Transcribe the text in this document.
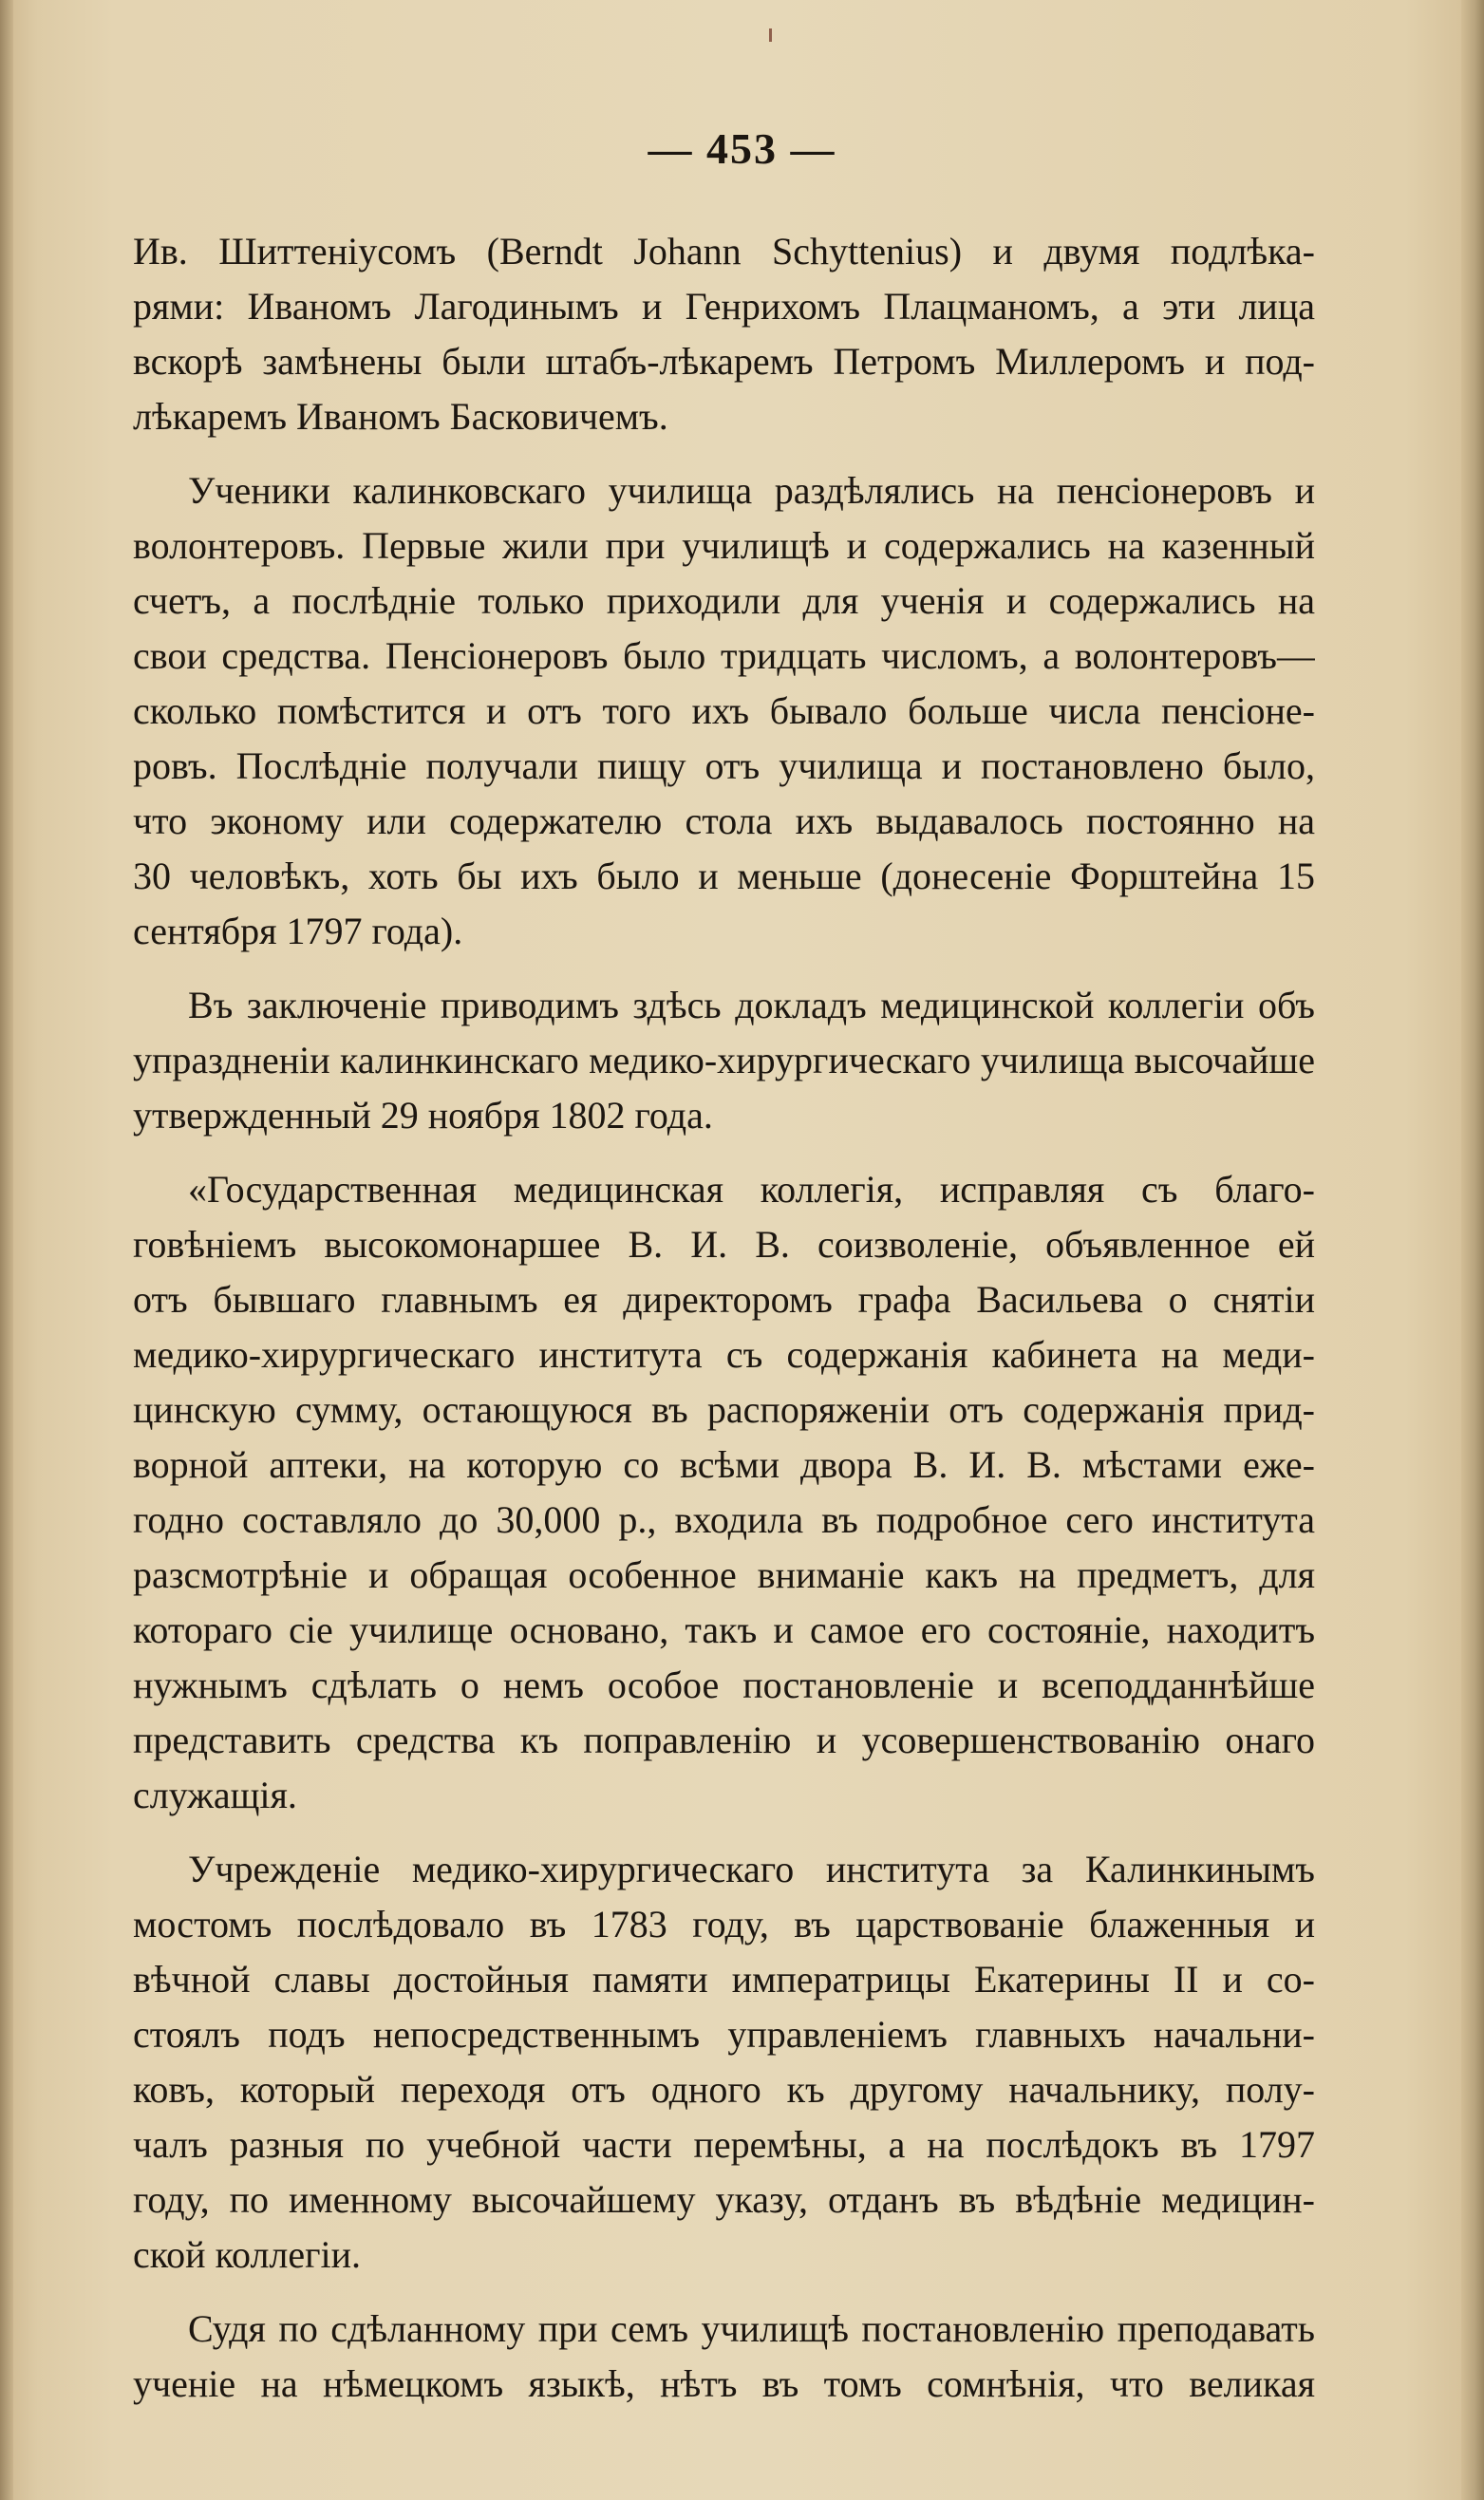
— 453 —
Ив. Шиттеніусомъ (Berndt Johann Schyttenius) и двумя подлѣка-
рями: Иваномъ Лагодинымъ и Генрихомъ Плацманомъ, а эти лица
вскорѣ замѣнены были штабъ-лѣкаремъ Петромъ Миллеромъ и под-
лѣкаремъ Иваномъ Басковичемъ.
Ученики калинковскаго училища раздѣлялись на пенсіонеровъ и
волонтеровъ. Первые жили при училищѣ и содержались на казенный
счетъ, а послѣдніе только приходили для ученія и содержались на
свои средства. Пенсіонеровъ было тридцать числомъ, а волонтеровъ—
сколько помѣстится и отъ того ихъ бывало больше числа пенсіоне-
ровъ. Послѣдніе получали пищу отъ училища и постановлено было,
что эконому или содержателю стола ихъ выдавалось постоянно на
30 человѣкъ, хоть бы ихъ было и меньше (донесеніе Форштейна 15
сентября 1797 года).
Въ заключеніе приводимъ здѣсь докладъ медицинской коллегіи объ
упраздненіи калинкинскаго медико-хирургическаго училища высочайше
утвержденный 29 ноября 1802 года.
«Государственная медицинская коллегія, исправляя съ благо-
говѣніемъ высокомонаршее В. И. В. соизволеніе, объявленное ей
отъ бывшаго главнымъ ея директоромъ графа Васильева о снятіи
медико-хирургическаго института съ содержанія кабинета на меди-
цинскую сумму, остающуюся въ распоряженіи отъ содержанія прид-
ворной аптеки, на которую со всѣми двора В. И. В. мѣстами еже-
годно составляло до 30,000 р., входила въ подробное сего института
разсмотрѣніе и обращая особенное вниманіе какъ на предметъ, для
котораго сіе училище основано, такъ и самое его состояніе, находитъ
нужнымъ сдѣлать о немъ особое постановленіе и всеподданнѣйше
представить средства къ поправленію и усовершенствованію онаго
служащія.
Учрежденіе медико-хирургическаго института за Калинкинымъ
мостомъ послѣдовало въ 1783 году, въ царствованіе блаженныя и
вѣчной славы достойныя памяти императрицы Екатерины II и со-
стоялъ подъ непосредственнымъ управленіемъ главныхъ начальни-
ковъ, который переходя отъ одного къ другому начальнику, полу-
чалъ разныя по учебной части перемѣны, а на послѣдокъ въ 1797
году, по именному высочайшему указу, отданъ въ вѣдѣніе медицин-
ской коллегіи.
Судя по сдѣланному при семъ училищѣ постановленію преподавать
ученіе на нѣмецкомъ языкѣ, нѣтъ въ томъ сомнѣнія, что великая
